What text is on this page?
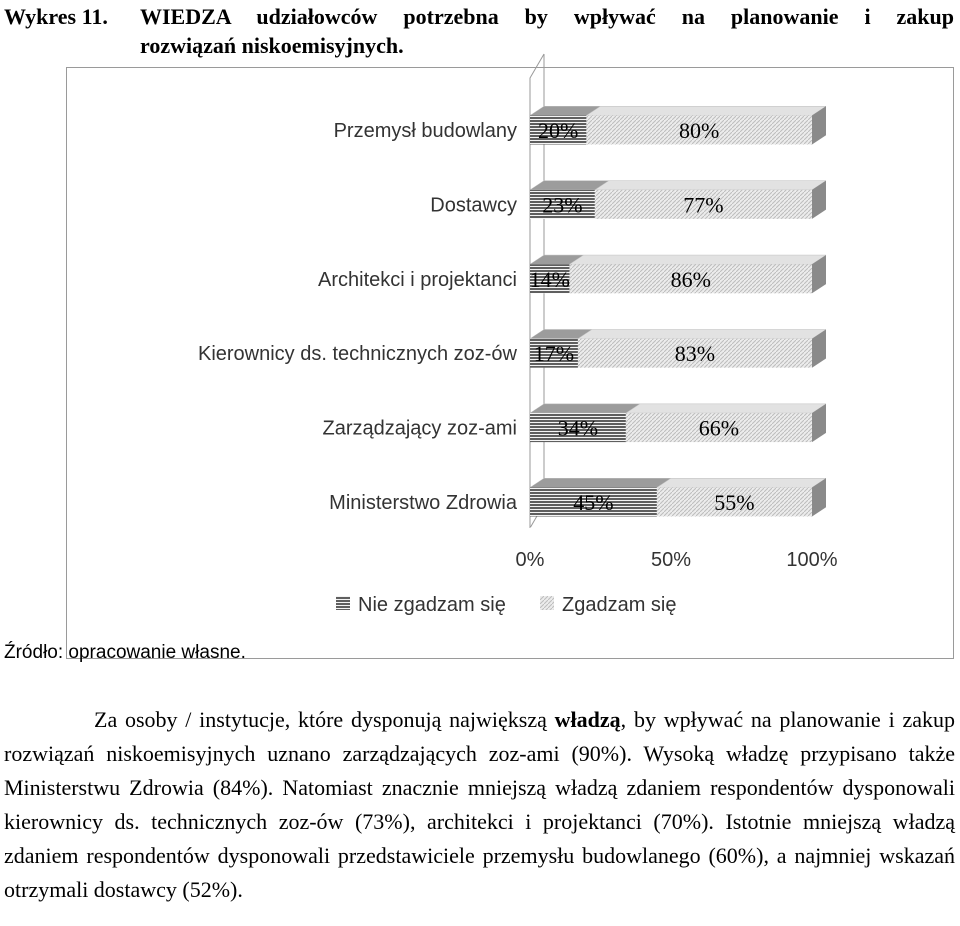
Wykres 11.	WIEDZA udziałowców potrzebna by wpływać na planowanie i zakup
rozwiązań niskoemisyjnych.
Przemysł budowlany 20%	80%
Dostawcy 23%	77%
Architekci i projektanci 14%	86%
Kierownicy ds. technicznych zoz-ów 17%	83%
Zarządzający zoz-ami 34%	66%
Ministerstwo Zdrowia	45%	55%
0%	50%	100%
Nie zgadzam się	Zgadzam się
Źródło: opracowanie własne.

Za osoby / instytucje, które dysponują największą władzą, by wpływać na planowanie i zakup rozwiązań niskoemisyjnych uznano zarządzających zoz-ami (90%). Wysoką władzę przypisano także Ministerstwu Zdrowia (84%). Natomiast znacznie mniejszą władzą zdaniem respondentów dysponowali kierownicy ds. technicznych zoz-ów (73%), architekci i projektanci (70%). Istotnie mniejszą władzą zdaniem respondentów dysponowali przedstawiciele przemysłu budowlanego (60%), a najmniej wskazań otrzymali dostawcy (52%).
